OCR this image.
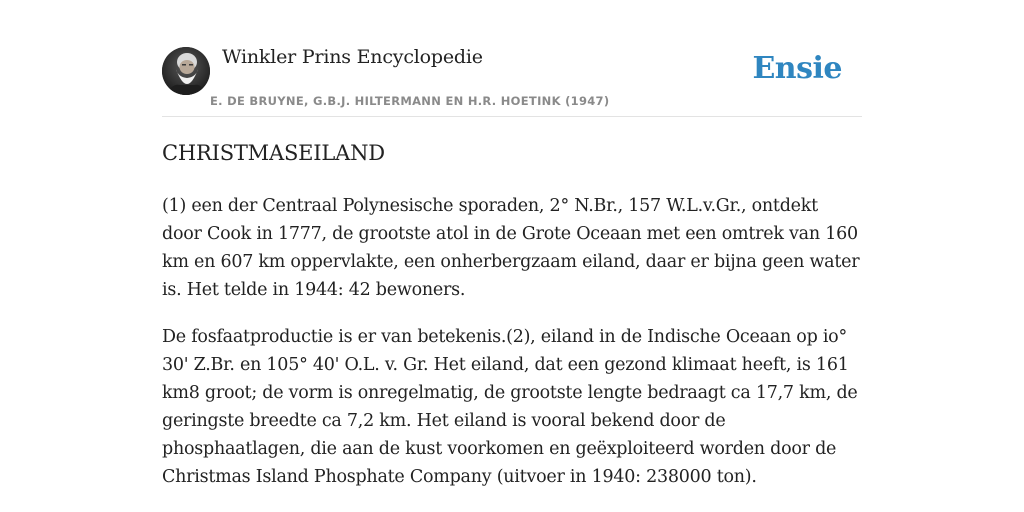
Winkler Prins Encyclopedie
E. DE BRUYNE, G.B.J. HILTERMANN EN H.R. HOETINK (1947)
Ensie
CHRISTMASEILAND

(1) een der Centraal Polynesische sporaden, 2° N.Br., 157 W.L.v.Gr., ontdekt door Cook in 1777, de grootste atol in de Grote Oceaan met een omtrek van 160 km en 607 km oppervlakte, een onherbergzaam eiland, daar er bijna geen water is. Het telde in 1944: 42 bewoners.

De fosfaatproductie is er van betekenis.(2), eiland in de Indische Oceaan op io° 30' Z.Br. en 105° 40' O.L. v. Gr. Het eiland, dat een gezond klimaat heeft, is 161 km8 groot; de vorm is onregelmatig, de grootste lengte bedraagt ca 17,7 km, de geringste breedte ca 7,2 km. Het eiland is vooral bekend door de phosphaatlagen, die aan de kust voorkomen en geëxploiteerd worden door de Christmas Island Phosphate Company (uitvoer in 1940: 238000 ton).
